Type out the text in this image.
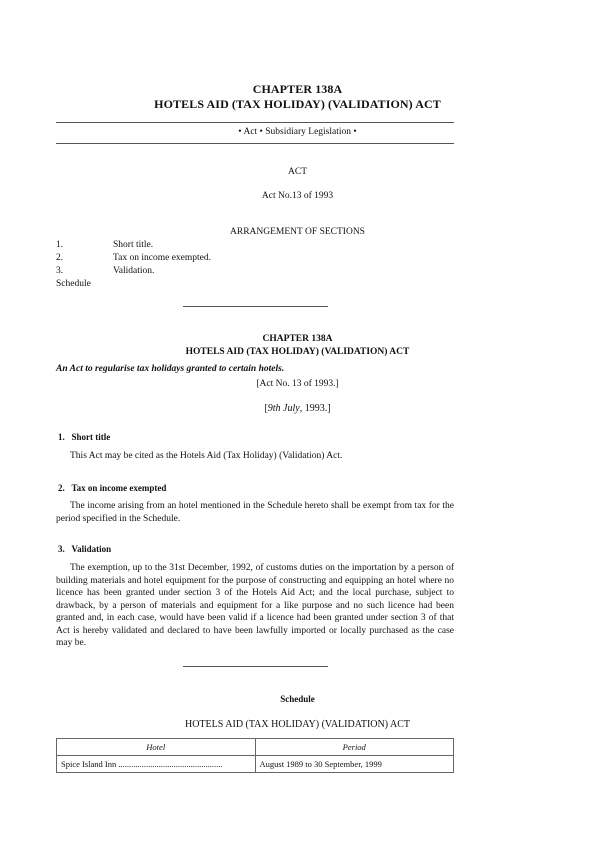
CHAPTER 138A
HOTELS AID (TAX HOLIDAY) (VALIDATION) ACT
• Act • Subsidiary Legislation •
ACT
Act No.13 of 1993
ARRANGEMENT OF SECTIONS
1.	Short title.
2.	Tax on income exempted.
3.	Validation.
Schedule
CHAPTER 138A
HOTELS AID (TAX HOLIDAY) (VALIDATION) ACT
An Act to regularise tax holidays granted to certain hotels.
[Act No. 13 of 1993.]
[9th July, 1993.]
1.   Short title
This Act may be cited as the Hotels Aid (Tax Holiday) (Validation) Act.
2.   Tax on income exempted
The income arising from an hotel mentioned in the Schedule hereto shall be exempt from tax for the period specified in the Schedule.
3.   Validation
The exemption, up to the 31st December, 1992, of customs duties on the importation by a person of building materials and hotel equipment for the purpose of constructing and equipping an hotel where no licence has been granted under section 3 of the Hotels Aid Act; and the local purchase, subject to drawback, by a person of materials and equipment for a like purpose and no such licence had been granted and, in each case, would have been valid if a licence had been granted under section 3 of that Act is hereby validated and declared to have been lawfully imported or locally purchased as the case may be.
Schedule
HOTELS AID (TAX HOLIDAY) (VALIDATION) ACT
Hotel	Period
Spice Island Inn .................................................	August 1989 to 30 September, 1999
